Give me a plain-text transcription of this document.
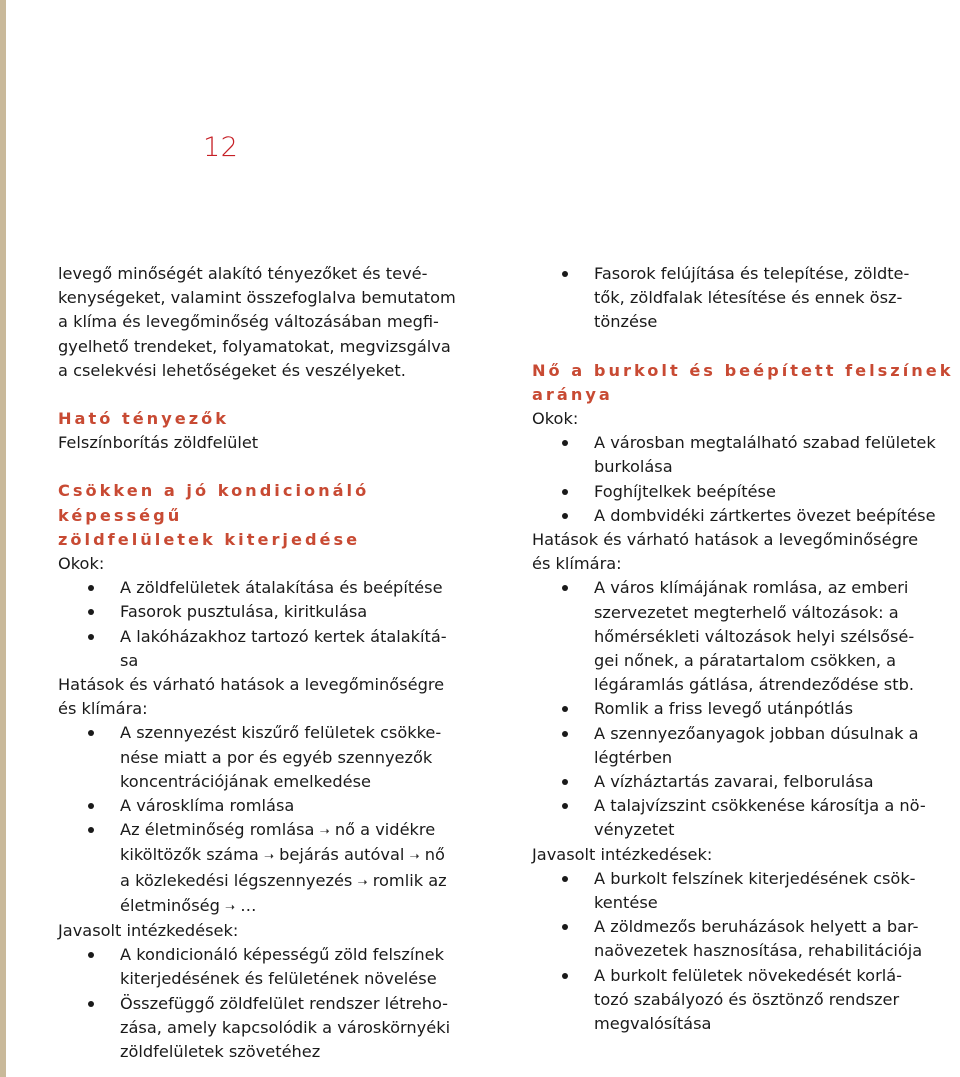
12

levegő minőségét alakító tényezőket és tevé-
kenységeket, valamint összefoglalva bemutatom
a klíma és levegőminőség változásában megfi-
gyelhető trendeket, folyamatokat, megvizsgálva
a cselekvési lehetőségeket és veszélyeket.

Ható tényezők

Felszínborítás zöldfelület

Csökken a jó kondicionáló képességű
zöldfelületek kiterjedése

Okok:

A zöldfelületek átalakítása és beépítése
Fasorok pusztulása, kiritkulása
A lakóházakhoz tartozó kertek átalakítá-
sa

Hatások és várható hatások a levegőminőségre
és klímára:

A szennyezést kiszűrő felületek csökke-
nése miatt a por és egyéb szennyezők
koncentrációjának emelkedése
A városklíma romlása
Az életminőség romlása ➝ nő a vidékre
kiköltözők száma ➝ bejárás autóval ➝ nő
a közlekedési légszennyezés ➝ romlik az
életminőség ➝ …

Javasolt intézkedések:

A kondicionáló képességű zöld felszínek
kiterjedésének és felületének növelése
Összefüggő zöldfelület rendszer létreho-
zása, amely kapcsolódik a városkörnyéki
zöldfelületek szövetéhez
Fasorok felújítása és telepítése, zöldte-
tők, zöldfalak létesítése és ennek ösz-
tönzése

Nő a burkolt és beépített felszínek
aránya

Okok:

A városban megtalálható szabad felületek
burkolása
Foghíjtelkek beépítése
A dombvidéki zártkertes övezet beépítése

Hatások és várható hatások a levegőminőségre
és klímára:

A város klímájának romlása, az emberi
szervezetet megterhelő változások: a
hőmérsékleti változások helyi szélsősé-
gei nőnek, a páratartalom csökken, a
légáramlás gátlása, átrendeződése stb.
Romlik a friss levegő utánpótlás
A szennyezőanyagok jobban dúsulnak a
légtérben
A vízháztartás zavarai, felborulása
A talajvízszint csökkenése károsítja a nö-
vényzetet

Javasolt intézkedések:

A burkolt felszínek kiterjedésének csök-
kentése
A zöldmezős beruházások helyett a bar-
naövezetek hasznosítása, rehabilitációja
A burkolt felületek növekedését korlá-
tozó szabályozó és ösztönző rendszer
megvalósítása
